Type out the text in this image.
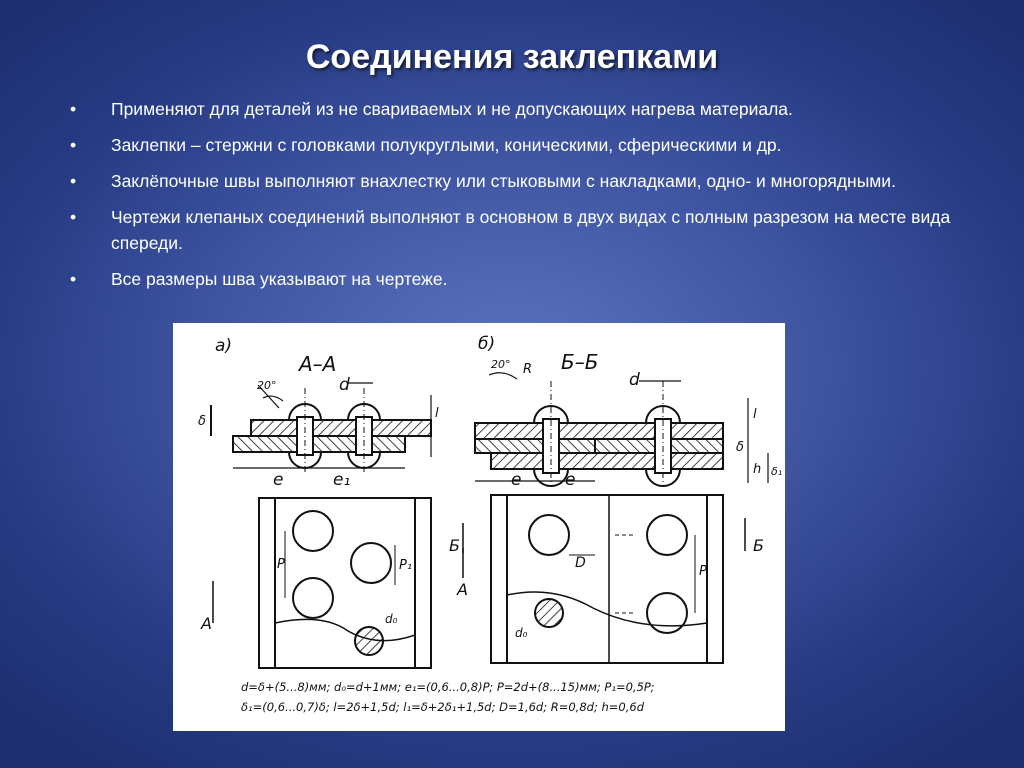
Соединения заклепками
• Применяют для деталей из не свариваемых и не допускающих нагрева материала.
• Заклепки – стержни с головками полукруглыми, коническими, сферическими и др.
• Заклёпочные швы выполняют внахлестку или стыковыми с накладками, одно- и многорядными.
• Чертежи клепаных соединений выполняют в основном в двух видах с полным разрезом на месте вида спереди.
• Все размеры шва указывают на чертеже.
а)	б)
А–А	Б–Б
20°
20° R
d	d
δ
δ
l	l
h δ₁
e	e₁	e	e
P	P₁	P
D
d₀
d₀
А
А
Б	Б
d=δ+(5...8)мм; d₀=d+1мм; e₁=(0,6...0,8)P; P=2d+(8...15)мм; P₁=0,5P;
δ₁=(0,6...0,7)δ; l=2δ+1,5d; l₁=δ+2δ₁+1,5d; D=1,6d; R=0,8d; h=0,6d
